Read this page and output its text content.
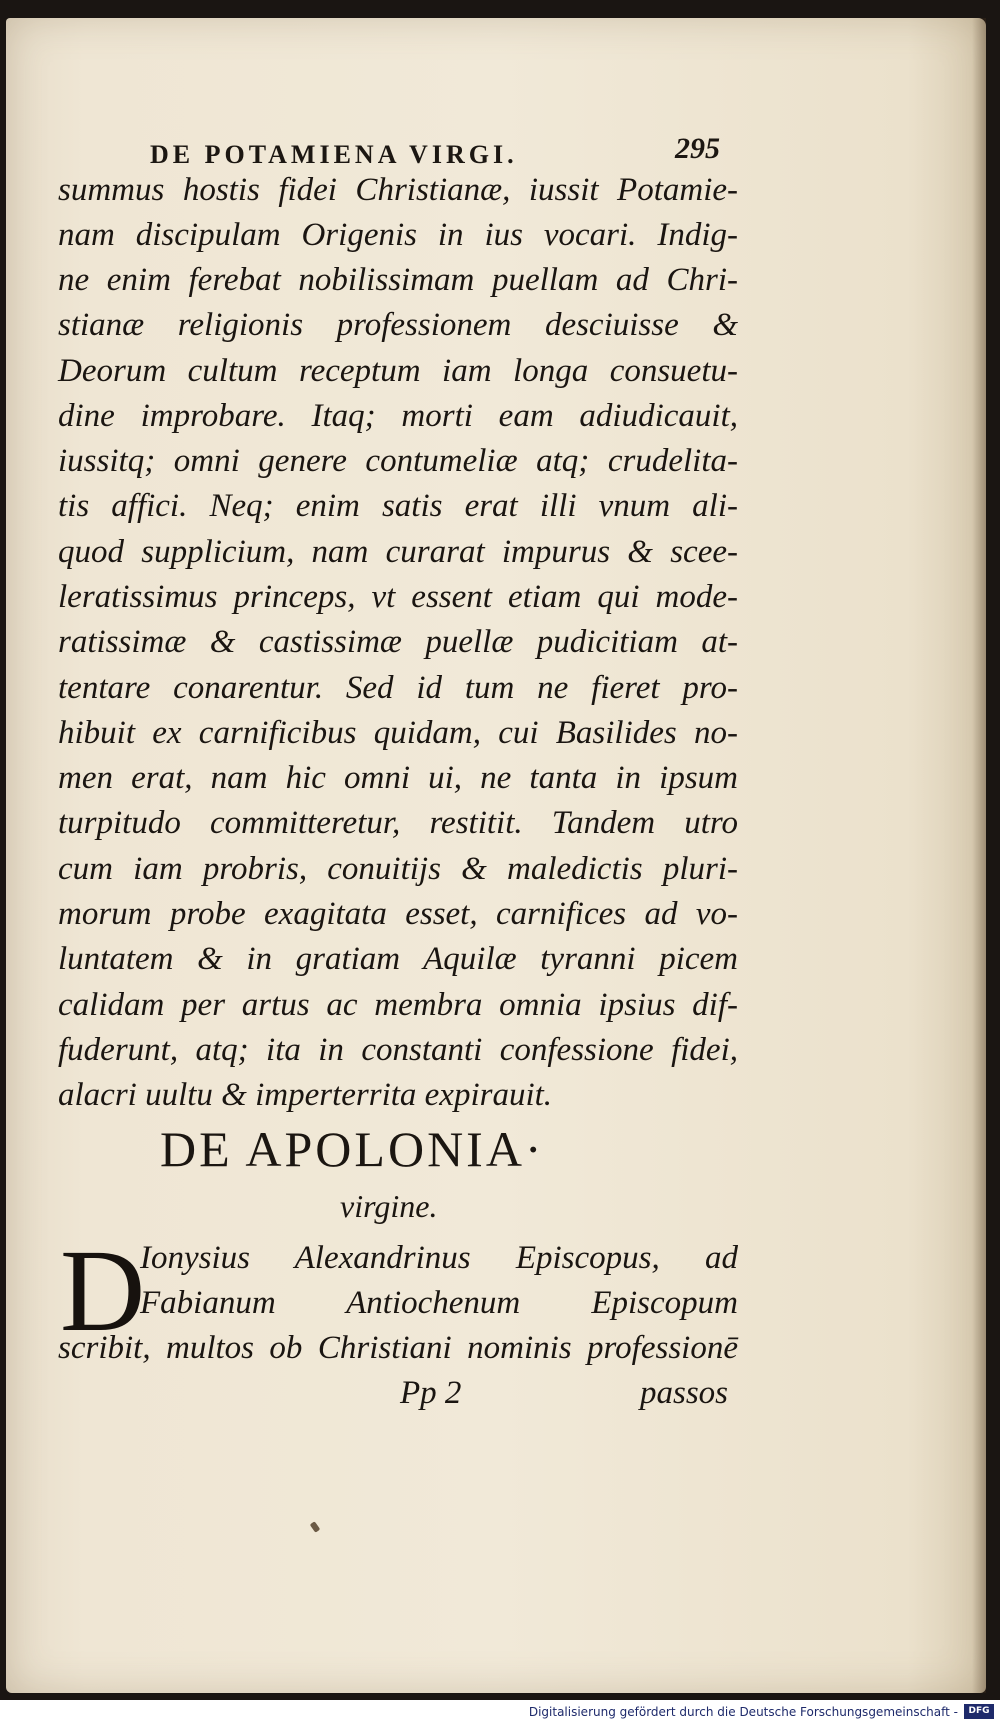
DE POTAMIENA VIRGI.	295
summus hostis fidei Christianæ, iussit Potamie-
nam discipulam Origenis in ius vocari. Indig-
ne enim ferebat nobilissimam puellam ad Chri-
stianæ religionis professionem desciuisse &
Deorum cultum receptum iam longa consuetu-
dine improbare. Itaq; morti eam adiudicauit,
iussitq; omni genere contumeliæ atq; crudelita-
tis affici. Neq; enim satis erat illi vnum ali-
quod supplicium, nam curarat impurus & scee-
leratissimus princeps, vt essent etiam qui mode-
ratissimæ & castissimæ puellæ pudicitiam at-
tentare conarentur. Sed id tum ne fieret pro-
hibuit ex carnificibus quidam, cui Basilides no-
men erat, nam hic omni ui, ne tanta in ipsum
turpitudo committeretur, restitit. Tandem utro
cum iam probris, conuitijs & maledictis pluri-
morum probe exagitata esset, carnifices ad vo-
luntatem & in gratiam Aquilæ tyranni picem
calidam per artus ac membra omnia ipsius dif-
fuderunt, atq; ita in constanti confessione fidei,
alacri uultu & imperterrita expirauit.
DE APOLONIA·
virgine.
D
Ionysius Alexandrinus Episcopus, ad
Fabianum Antiochenum Episcopum
scribit, multos ob Christiani nominis professionē
Pp 2	passos
Digitalisierung gefördert durch die Deutsche Forschungsgemeinschaft -	DFG
